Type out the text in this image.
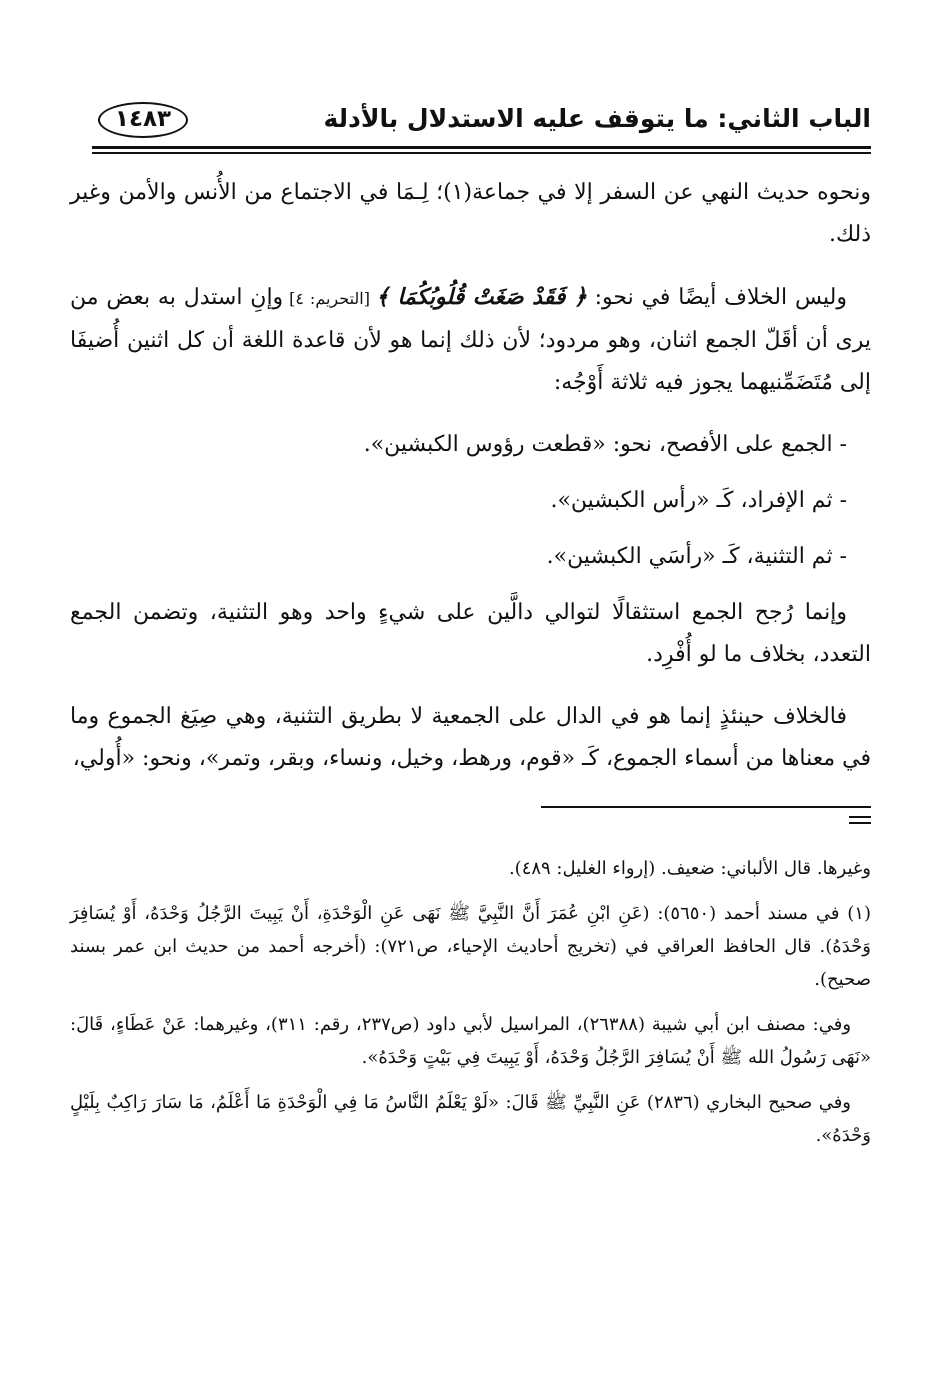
الباب الثاني: ما يتوقف عليه الاستدلال بالأدلة
١٤٨٣

ونحوه حديث النهي عن السفر إلا في جماعة(١)؛ لِـمَا في الاجتماع من الأُنس والأمن وغير ذلك.

وليس الخلاف أيضًا في نحو: ﴿ فَقَدْ صَغَتْ قُلُوبُكُمَا ﴾ [التحريم: ٤] وإنِ استدل به بعض من يرى أن أقَلّ الجمع اثنان، وهو مردود؛ لأن ذلك إنما هو لأن قاعدة اللغة أن كل اثنين أُضيفَا إلى مُتَضَمِّنيهما يجوز فيه ثلاثة أَوْجُه:

- الجمع على الأفصح، نحو: «قطعت رؤوس الكبشين».

- ثم الإفراد، كَـ «رأس الكبشين».

- ثم التثنية، كَـ «رأسَي الكبشين».

وإنما رُجح الجمع استثقالًا لتوالي دالَّين على شيءٍ واحد وهو التثنية، وتضمن الجمع التعدد، بخلاف ما لو أُفْرِد.

فالخلاف حينئذٍ إنما هو في الدال على الجمعية لا بطريق التثنية، وهي صِيَغ الجموع وما في معناها من أسماء الجموع، كَـ «قوم، ورهط، وخيل، ونساء، وبقر، وتمر»، ونحو: «أُولي،

وغيرها. قال الألباني: ضعيف. (إرواء الغليل: ٤٨٩).

(١) في مسند أحمد (٥٦٥٠): (عَنِ ابْنِ عُمَرَ أَنَّ النَّبِيَّ ﷺ نَهَى عَنِ الْوَحْدَةِ، أَنْ يَبِيتَ الرَّجُلُ وَحْدَهُ، أَوْ يُسَافِرَ وَحْدَهُ). قال الحافظ العراقي في (تخريج أحاديث الإحياء، ص٧٢١): (أخرجه أحمد من حديث ابن عمر بسند صحيح).

وفي: مصنف ابن أبي شيبة (٢٦٣٨٨)، المراسيل لأبي داود (ص٢٣٧، رقم: ٣١١)، وغيرهما: عَنْ عَطَاءٍ، قَالَ: «نَهَى رَسُولُ الله ﷺ أَنْ يُسَافِرَ الرَّجُلُ وَحْدَهُ، أَوْ يَبِيتَ فِي بَيْتٍ وَحْدَهُ».

وفي صحيح البخاري (٢٨٣٦) عَنِ النَّبِيِّ ﷺ قَالَ: «لَوْ يَعْلَمُ النَّاسُ مَا فِي الْوَحْدَةِ مَا أَعْلَمُ، مَا سَارَ رَاكِبٌ بِلَيْلٍ وَحْدَهُ».
